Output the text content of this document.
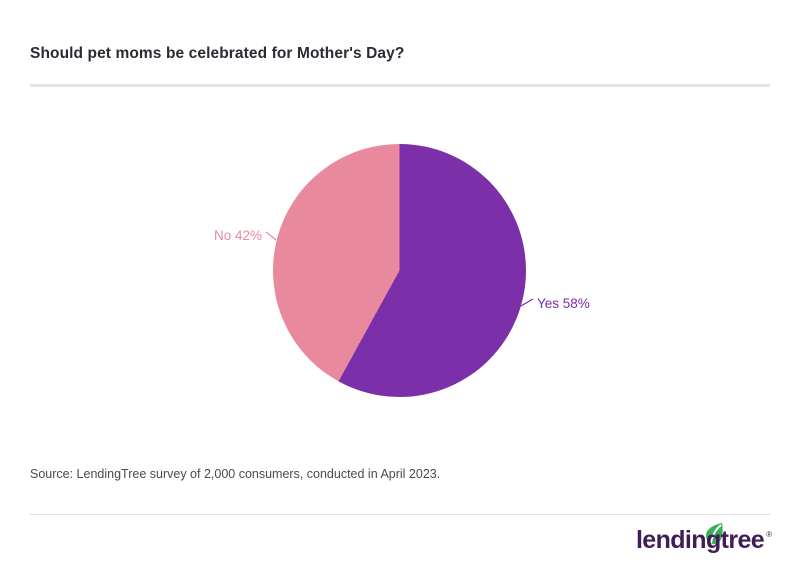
Should pet moms be celebrated for Mother's Day?
No 42%
Yes 58%
Source: LendingTree survey of 2,000 consumers, conducted in April 2023.
lendingtree ®
